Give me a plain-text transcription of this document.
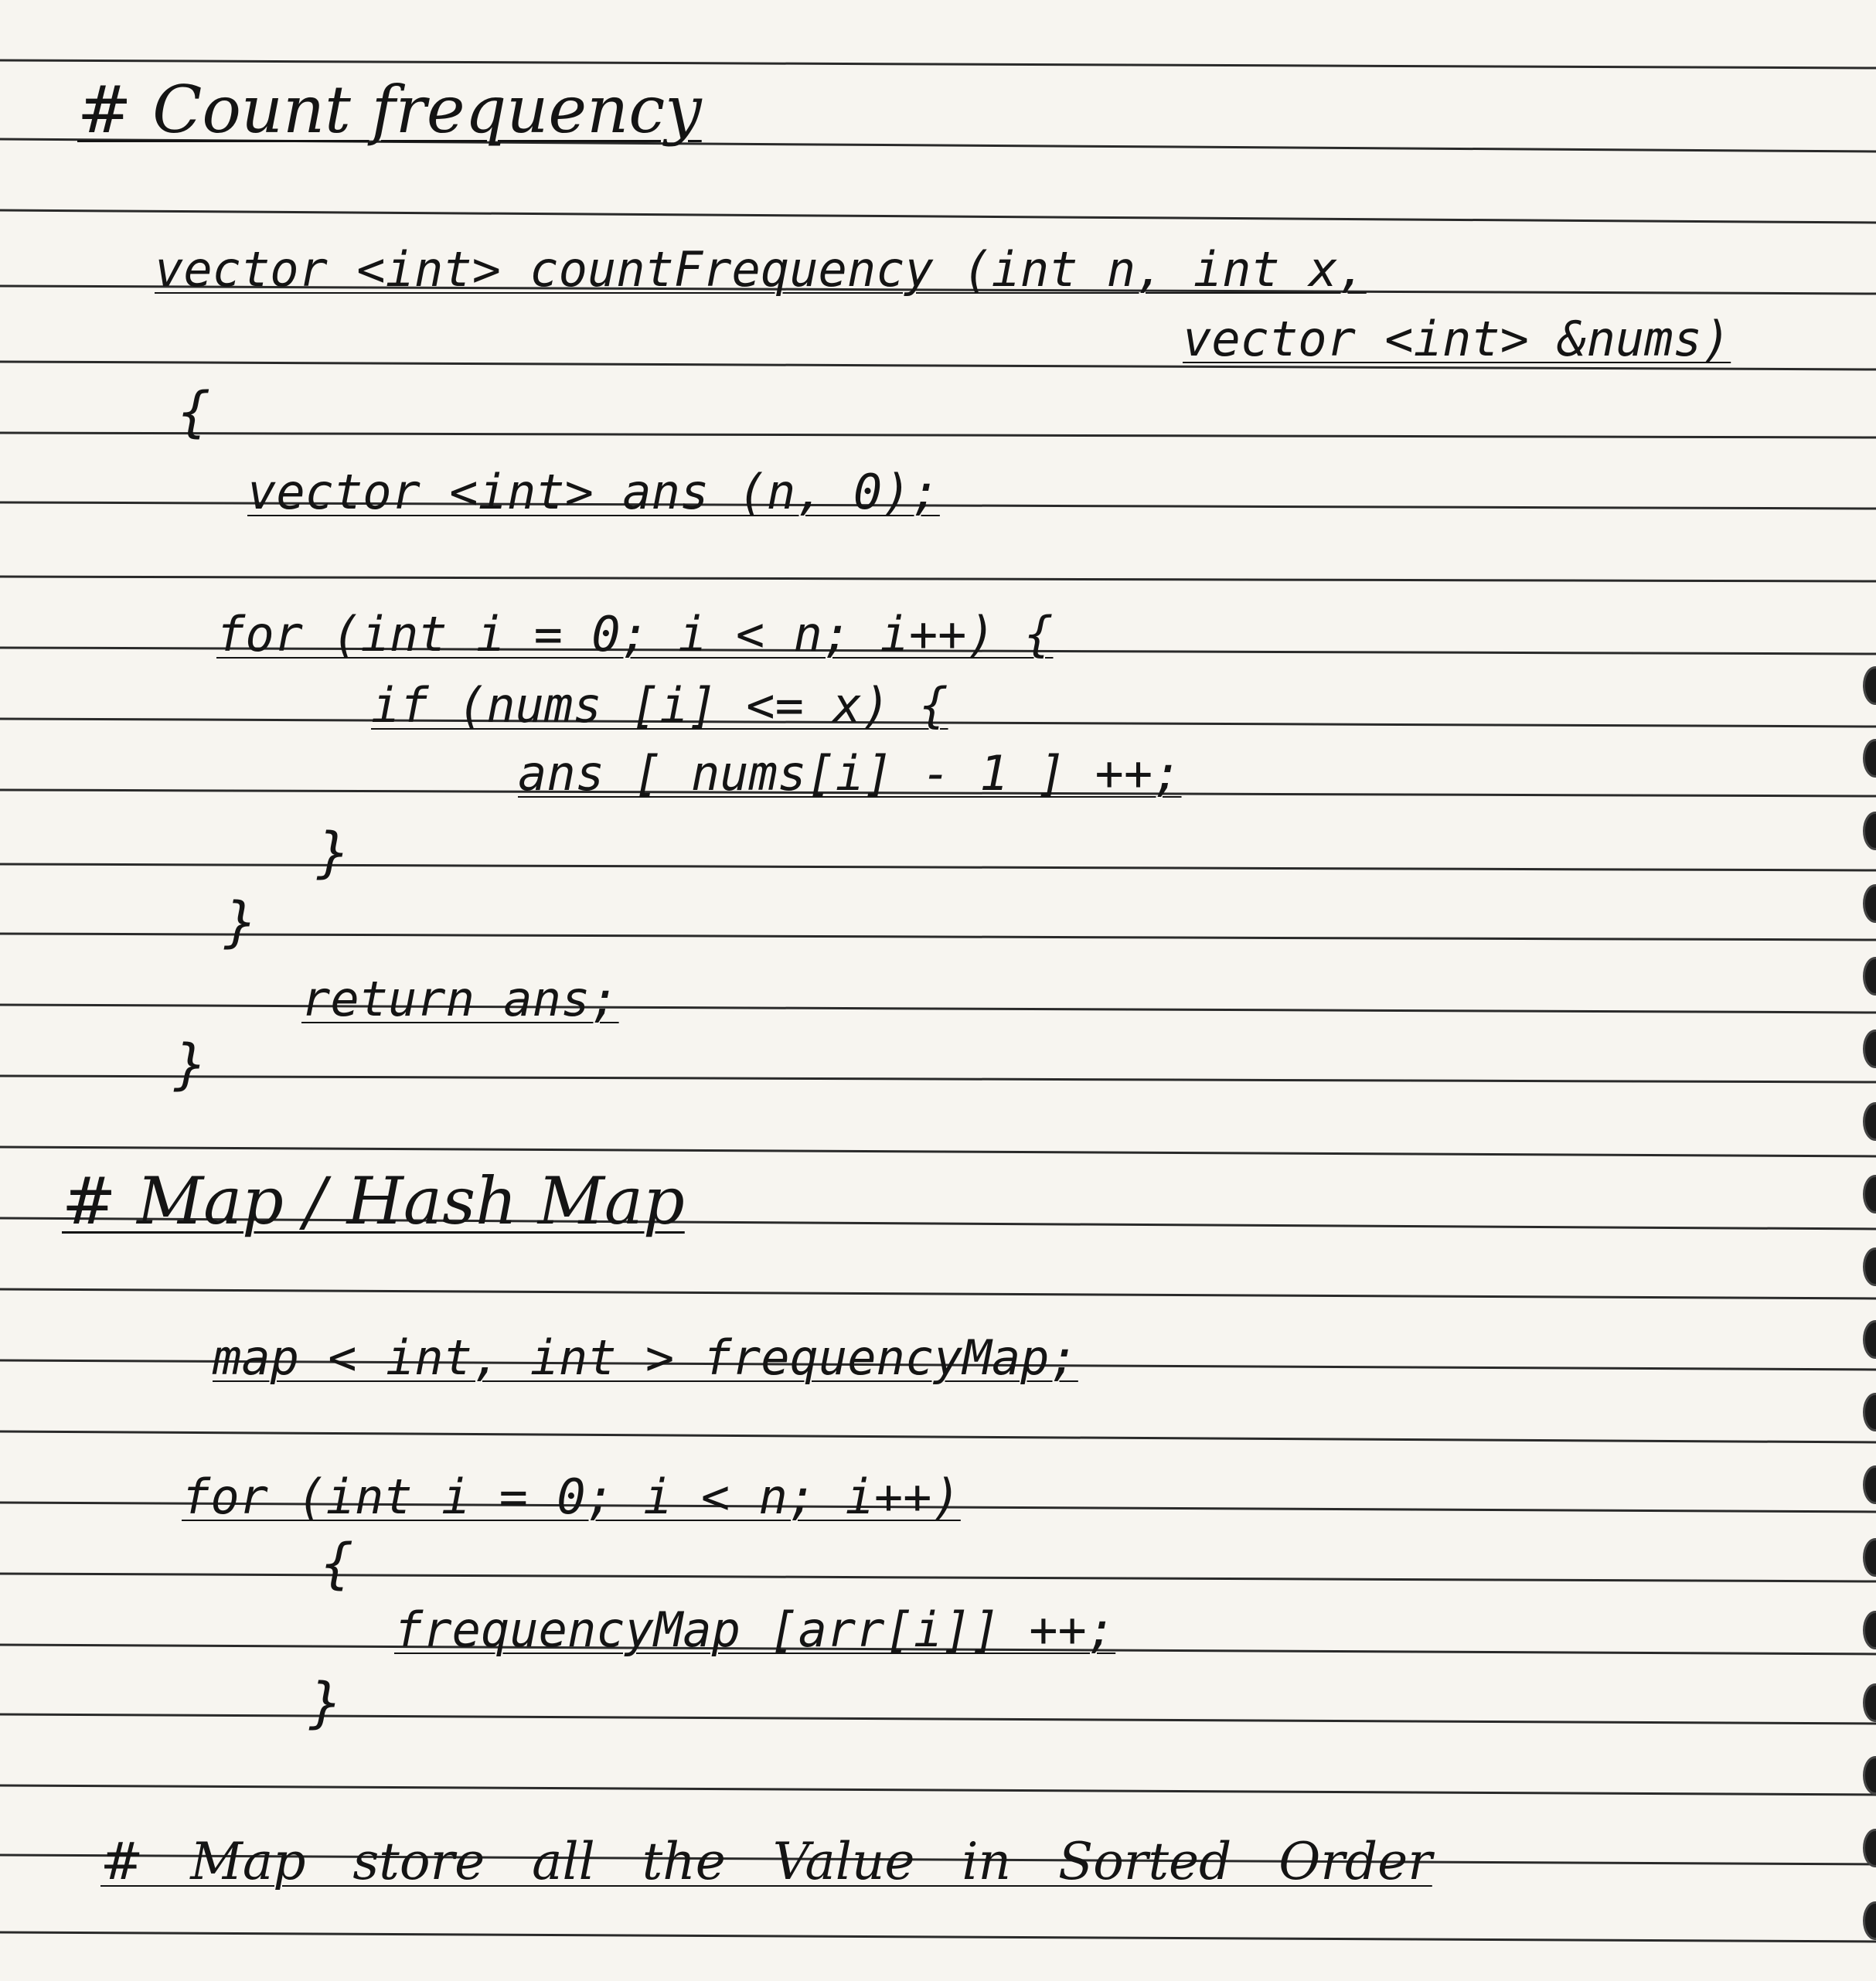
# Count frequency
vector <int> countFrequency (int n, int x,
vector <int> &nums)
{
vector <int> ans (n, 0);
for (int i = 0; i < n; i++) {
if (nums [i] <= x) {
ans [ nums[i] - 1 ] ++;
}
}
return ans;
}
# Map / Hash Map
map < int, int > frequencyMap;
for (int i = 0; i < n; i++)
{
frequencyMap [arr[i]] ++;
}
# Map store all the Value in Sorted Order
